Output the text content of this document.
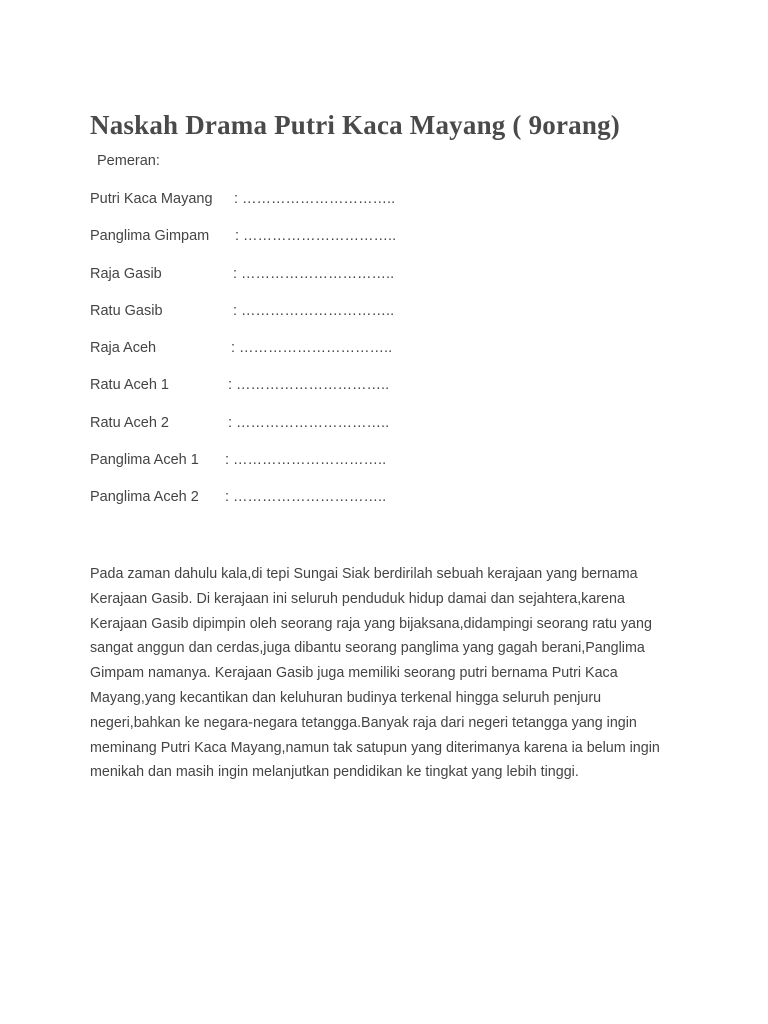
Naskah Drama Putri Kaca Mayang ( 9orang)
Pemeran:
Putri Kaca Mayang : …………………………..
Panglima Gimpam : …………………………..
Raja Gasib	: …………………………..
Ratu Gasib	: …………………………..
Raja Aceh	: …………………………..
Ratu Aceh 1	: …………………………..
Ratu Aceh 2	: …………………………..
Panglima Aceh 1 : …………………………..
Panglima Aceh 2 : …………………………..

Pada zaman dahulu kala,di tepi Sungai Siak berdirilah sebuah kerajaan yang bernama Kerajaan Gasib. Di kerajaan ini seluruh penduduk hidup damai dan sejahtera,karena Kerajaan Gasib dipimpin oleh seorang raja yang bijaksana,didampingi seorang ratu yang sangat anggun dan cerdas,juga dibantu seorang panglima yang gagah berani,Panglima Gimpam namanya. Kerajaan Gasib juga memiliki seorang putri bernama Putri Kaca Mayang,yang kecantikan dan keluhuran budinya terkenal hingga seluruh penjuru negeri,bahkan ke negara-negara tetangga.Banyak raja dari negeri tetangga yang ingin meminang Putri Kaca Mayang,namun tak satupun yang diterimanya karena ia belum ingin menikah dan masih ingin melanjutkan pendidikan ke tingkat yang lebih tinggi.
